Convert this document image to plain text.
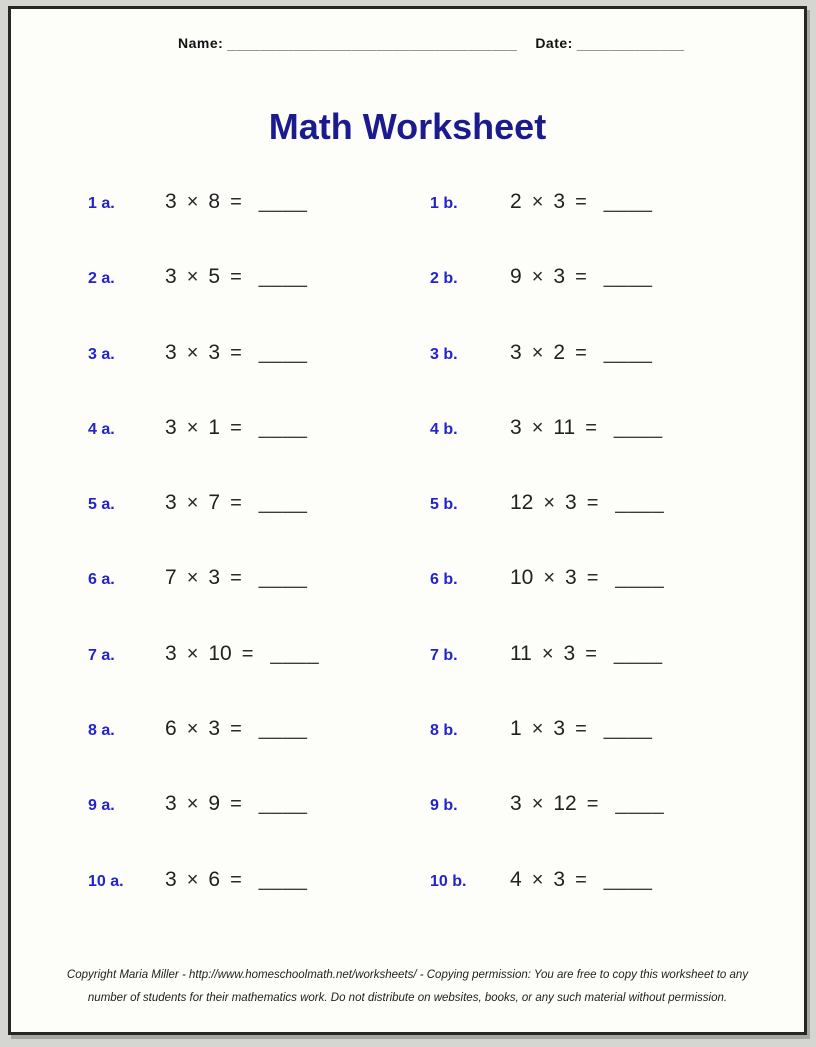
Name: ___________________________________ Date: _____________
Math Worksheet
1 a.	3 × 8 = ____	1 b.	2 × 3 = ____
2 a.	3 × 5 = ____	2 b.	9 × 3 = ____
3 a.	3 × 3 = ____	3 b.	3 × 2 = ____
4 a.	3 × 1 = ____	4 b.	3 × 11 = ____
5 a.	3 × 7 = ____	5 b.	12 × 3 = ____
6 a.	7 × 3 = ____	6 b.	10 × 3 = ____
7 a.	3 × 10 = ____	7 b.	11 × 3 = ____
8 a.	6 × 3 = ____	8 b.	1 × 3 = ____
9 a.	3 × 9 = ____	9 b.	3 × 12 = ____
10 a.	3 × 6 = ____	10 b.	4 × 3 = ____
Copyright Maria Miller - http://www.homeschoolmath.net/worksheets/ - Copying permission: You are free to copy this worksheet to any
number of students for their mathematics work. Do not distribute on websites, books, or any such material without permission.
